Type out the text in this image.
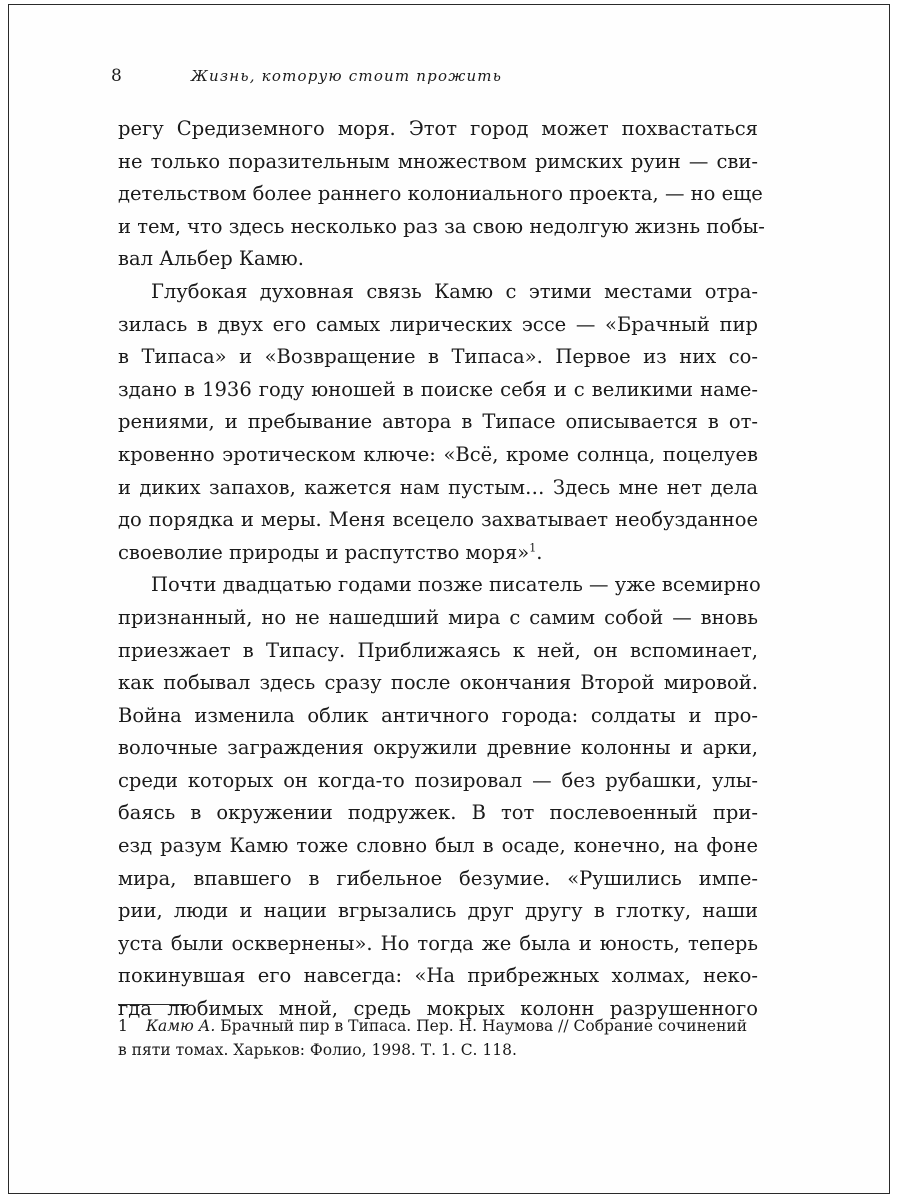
8	Жизнь, которую стоит прожить
регу Средиземного моря. Этот город может похвастаться
не только поразительным множеством римских руин — сви-
детельством более раннего колониального проекта, — но еще
и тем, что здесь несколько раз за свою недолгую жизнь побы-
вал Альбер Камю.
Глубокая духовная связь Камю с этими местами отра-
зилась в двух его самых лирических эссе — «Брачный пир
в Типаса» и «Возвращение в Типаса». Первое из них со-
здано в 1936 году юношей в поиске себя и с великими наме-
рениями, и пребывание автора в Типасе описывается в от-
кровенно эротическом ключе: «Всё, кроме солнца, поцелуев
и диких запахов, кажется нам пустым… Здесь мне нет дела
до порядка и меры. Меня всецело захватывает необузданное
своеволие природы и распутство моря»$^1$.
Почти двадцатью годами позже писатель — уже всемирно
признанный, но не нашедший мира с самим собой — вновь
приезжает в Типасу. Приближаясь к ней, он вспоминает,
как побывал здесь сразу после окончания Второй мировой.
Война изменила облик античного города: солдаты и про-
волочные заграждения окружили древние колонны и арки,
среди которых он когда-то позировал — без рубашки, улы-
баясь в окружении подружек. В тот послевоенный при-
езд разум Камю тоже словно был в осаде, конечно, на фоне
мира, впавшего в гибельное безумие. «Рушились импе-
рии, люди и нации вгрызались друг другу в глотку, наши
уста были осквернены». Но тогда же была и юность, теперь
покинувшая его навсегда: «На прибрежных холмах, неко-
гда любимых мной, средь мокрых колонн разрушенного
1 Камю А. Брачный пир в Типаса. Пер. Н. Наумова // Собрание сочинений
в пяти томах. Харьков: Фолио, 1998. Т. 1. С. 118.
